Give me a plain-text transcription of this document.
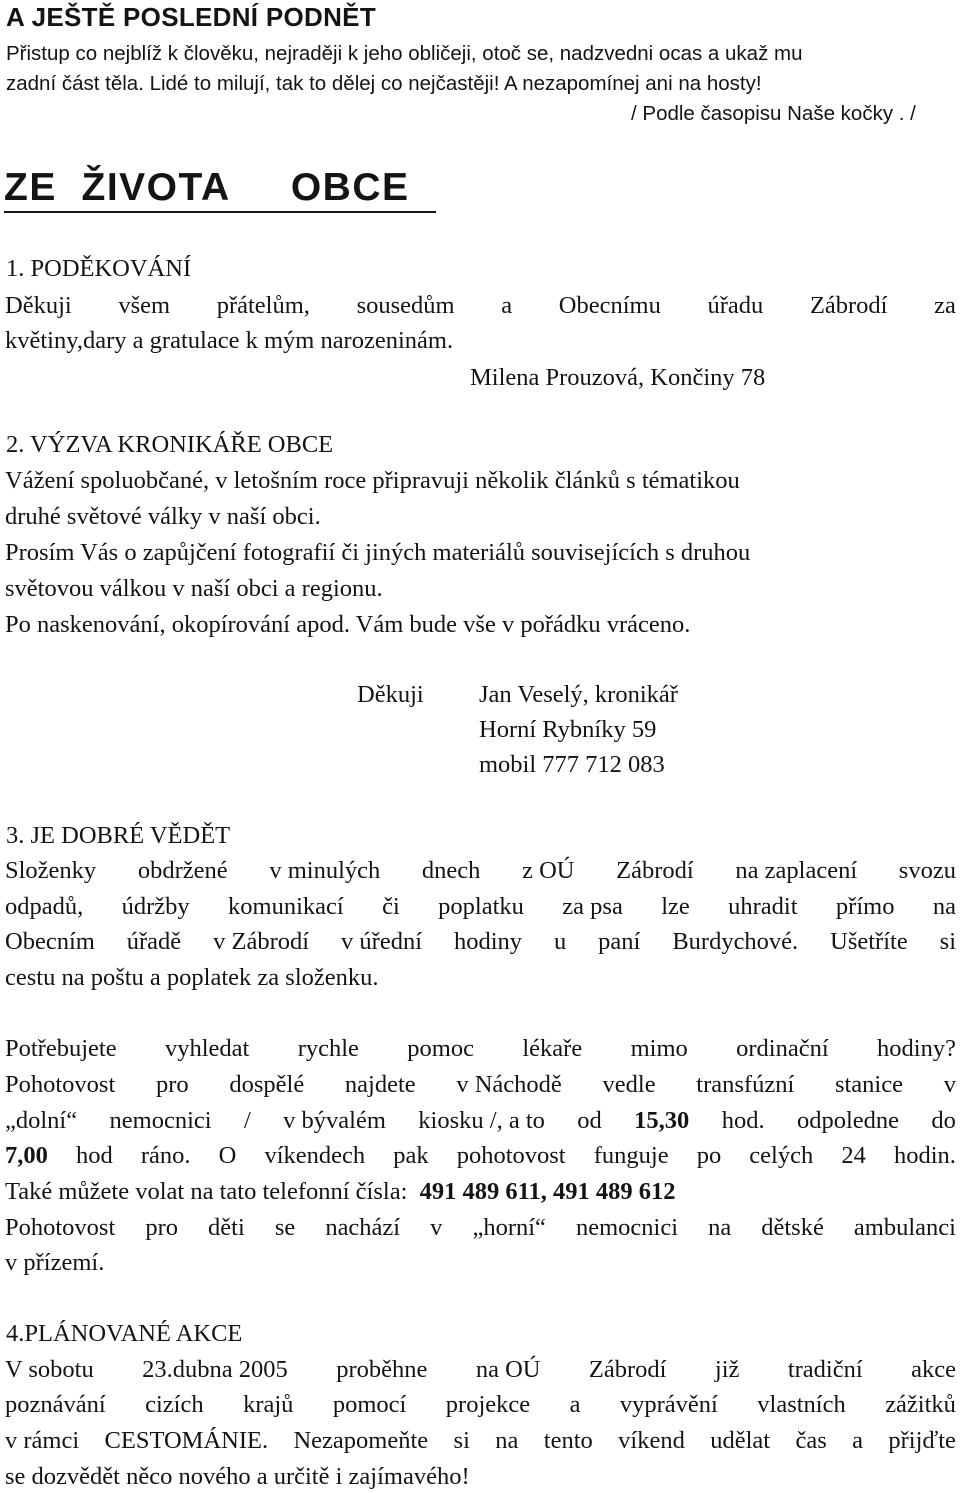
A JEŠTĚ POSLEDNÍ PODNĚT
Přistup co nejblíž k člověku, nejraději k jeho obličeji, otoč se, nadzvedni ocas a ukaž mu
zadní část těla. Lidé to milují, tak to dělej co nejčastěji! A nezapomínej ani na hosty!
/ Podle časopisu Naše kočky . /
ZE  ŽIVOTA     OBCE
1. PODĚKOVÁNÍ
Děkuji všem přátelům, sousedům a Obecnímu úřadu Zábrodí za
květiny,dary a gratulace k mým narozeninám.
Milena Prouzová, Končiny 78
2. VÝZVA KRONIKÁŘE OBCE
Vážení spoluobčané, v letošním roce připravuji několik článků s tématikou
druhé světové války v naší obci.
Prosím Vás o zapůjčení fotografií či jiných materiálů souvisejících s druhou
světovou válkou v naší obci a regionu.
Po naskenování, okopírování apod. Vám bude vše v pořádku vráceno.
Děkuji Jan Veselý, kronikář
Horní Rybníky 59
mobil 777 712 083
3. JE DOBRÉ VĚDĚT
Složenky obdržené v minulých dnech z OÚ Zábrodí na zaplacení svozu
odpadů, údržby komunikací či poplatku za psa lze uhradit přímo na
Obecním úřadě v Zábrodí v úřední hodiny u paní Burdychové. Ušetříte si
cestu na poštu a poplatek za složenku.
Potřebujete vyhledat rychle pomoc lékaře mimo ordinační hodiny?
Pohotovost pro dospělé najdete v Náchodě vedle transfúzní stanice v
„dolní“ nemocnici / v bývalém kiosku /, a to od 15,30 hod. odpoledne do
7,00 hod ráno. O víkendech pak pohotovost funguje po celých 24 hodin.
Také můžete volat na tato telefonní čísla: 491 489 611, 491 489 612
Pohotovost pro děti se nachází v „horní“ nemocnici na dětské ambulanci
v přízemí.
4.PLÁNOVANÉ AKCE
V sobotu 23.dubna 2005 proběhne na OÚ Zábrodí již tradiční akce
poznávání cizích krajů pomocí projekce a vyprávění vlastních zážitků
v rámci CESTOMÁNIE. Nezapomeňte si na tento víkend udělat čas a přijďte
se dozvědět něco nového a určitě i zajímavého!
